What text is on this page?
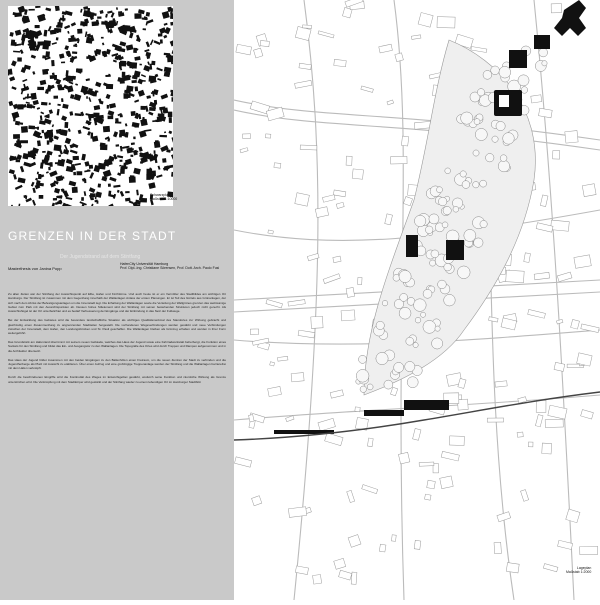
Schwarzplan
Maßstab 1:10000
GRENZEN IN DER STADT
Der Jugendstrand auf dem Stintfang
Masterthesis von Janina Popp
HafenCity Universität Hamburg
Prof. Dipl.-Ing. Christiane Sörensen, Prof. Dott. Arch. Paolo Fusi

Zu allen Zeiten war der Stintfang der Aussichtspunkt auf Elbe, Hafen und Kirchtürme. Und auch heute ist er ein Vermittler des Stadtbildes am wichtigen Ort Hamburgs. Der Stintfang ist zusammen mit dem Gegenhang innerhalb der Wallanlagen Anlass der ersten Planungen. Er ist Teil des Gürtels aus Grünanlagen, der sich nach dem Abriss der Befestigungsanlagen um die Innenstadt legt. Die Erhaltung der Wallanlagen sowie die Verteilung der Wallgrünes grenzen das weiträumige Gebiet zum Park mit den Aussichtspunkten ab. Dessen hohes Stilelement wird der Stintfang mit seinen bestehenden Strukturen jedoch nicht gerecht. Als Aussichtshügel ist der Ort unterbelichtet und es bedarf Verbesserung der Eingänge und der Einbindung in das Netz der Fußwege.

Bei der Entwicklung des Gebietes wird die besondere landschaftliche Situation als wichtiges Qualitätsmerkmal des Standortes zur Wirkung gebracht und gleichzeitig einen Zusammenhang zu angrenzenden Stadtteilen hergestellt. Die vorhandenen Wegeverbindungen werden gestärkt und neue Verbindungen zwischen der Innenstadt, dem Hafen, den Landungsbrücken und St. Pauli geschaffen. Die Wallanlagen bleiben als Grünzug erhalten und werden in ihrer Form weitergeführt.

Das Grundstück am Hafenrand übernimmt mit seinem neuen Gebäude, welches das Haus der Jugend sowie eine Fahrradwerkstatt beherbergt, die Funktion eines Sockels für den Stintfang und bildet das Ein- und Ausgangstor zu den Wallanlagen. Die Topografie des Ortes wird durch Treppen und Rampen aufgenommen und in die Architektur übersetzt.

Das Haus der Jugend bildet zusammen mit den beiden Eingängen zu den Ballenhöfen einen Freiraum, um die neuen Zentren der Stadt zu verbinden und die Jugendherberge als Platz mit Aussicht zu etablieren. Über einen Aufzug und eine großzügige Treppenanlage werden der Stintfang und die Wallanlagen barrierefrei mit dem Hafen verknüpft.

Durch die beschriebenen Eingriffe wird die Kontinuität des Weges im Entwurfsgebiet gestärkt, wodurch seine Funktion und räumliche Wirkung als Grenze unterstrichen wird. Die Verknüpfung mit dem Stadtkörper wird gestärkt und der Stintfang wieder zu einem lebendigen Ort im Hamburger Stadtbild.

Lageplan
Maßstab 1:2000
